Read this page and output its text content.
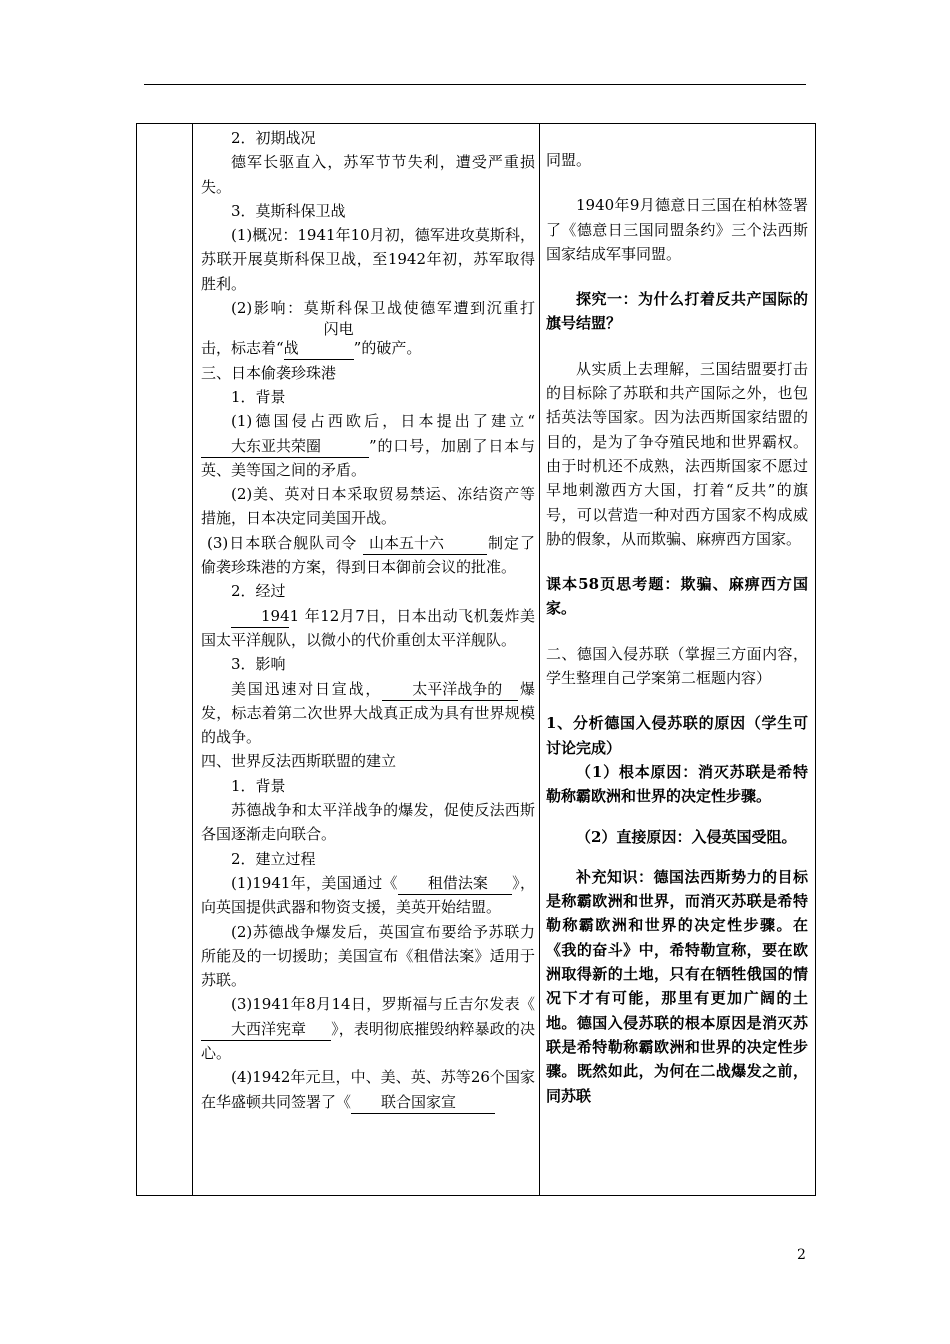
2．初期战况

德军长驱直入，苏军节节失利，遭受严重损失。

3．莫斯科保卫战

(1)概况：1941年10月初，德军进攻莫斯科，苏联开展莫斯科保卫战，至1942年初，苏军取得胜利。

(2)影响：莫斯科保卫战使德军遭到沉重打击，标志着“闪电战	”的破产。

三、日本偷袭珍珠港

1．背景

(1)德国侵占西欧后，日本提出了建立“大东亚共荣圈	”的口号，加剧了日本与英、美等国之间的矛盾。

(2)美、英对日本采取贸易禁运、冻结资产等措施，日本决定同美国开战。

(3)日本联合舰队司令 山本五十六	制定了偷袭珍珠港的方案，得到日本御前会议的批准。

2．经过

1941 年12月7日，日本出动飞机轰炸美国太平洋舰队，以微小的代价重创太平洋舰队。

3．影响

美国迅速对日宣战， 太平洋战争的 爆发，标志着第二次世界大战真正成为具有世界规模的战争。

四、世界反法西斯联盟的建立

1．背景

苏德战争和太平洋战争的爆发，促使反法西斯各国逐渐走向联合。

2．建立过程

(1)1941年，美国通过《 租借法案 》，向英国提供武器和物资支援，美英开始结盟。

(2)苏德战争爆发后，英国宣布要给予苏联力所能及的一切援助；美国宣布《租借法案》适用于苏联。

(3)1941年8月14日，罗斯福与丘吉尔发表《大西洋宪章 》，表明彻底摧毁纳粹暴政的决心。

(4)1942年元旦，中、美、英、苏等26个国家在华盛顿共同签署了《 联合国家宣

同盟。

1940年9月德意日三国在柏林签署了《德意日三国同盟条约》三个法西斯国家结成军事同盟。

探究一：为什么打着反共产国际的旗号结盟？

从实质上去理解，三国结盟要打击的目标除了苏联和共产国际之外，也包括英法等国家。因为法西斯国家结盟的目的，是为了争夺殖民地和世界霸权。由于时机还不成熟，法西斯国家不愿过早地刺激西方大国，打着“反共”的旗号，可以营造一种对西方国家不构成威胁的假象，从而欺骗、麻痹西方国家。

课本58页思考题：欺骗、麻痹西方国家。

二、德国入侵苏联（掌握三方面内容，学生整理自己学案第二框题内容）

1、分析德国入侵苏联的原因（学生可讨论完成）

（1）根本原因：消灭苏联是希特勒称霸欧洲和世界的决定性步骤。

（2）直接原因：入侵英国受阻。

补充知识：德国法西斯势力的目标是称霸欧洲和世界，而消灭苏联是希特勒称霸欧洲和世界的决定性步骤。在《我的奋斗》中，希特勒宣称，要在欧洲取得新的土地，只有在牺牲俄国的情况下才有可能，那里有更加广阔的土地。德国入侵苏联的根本原因是消灭苏联是希特勒称霸欧洲和世界的决定性步骤。既然如此，为何在二战爆发之前，同苏联

2
